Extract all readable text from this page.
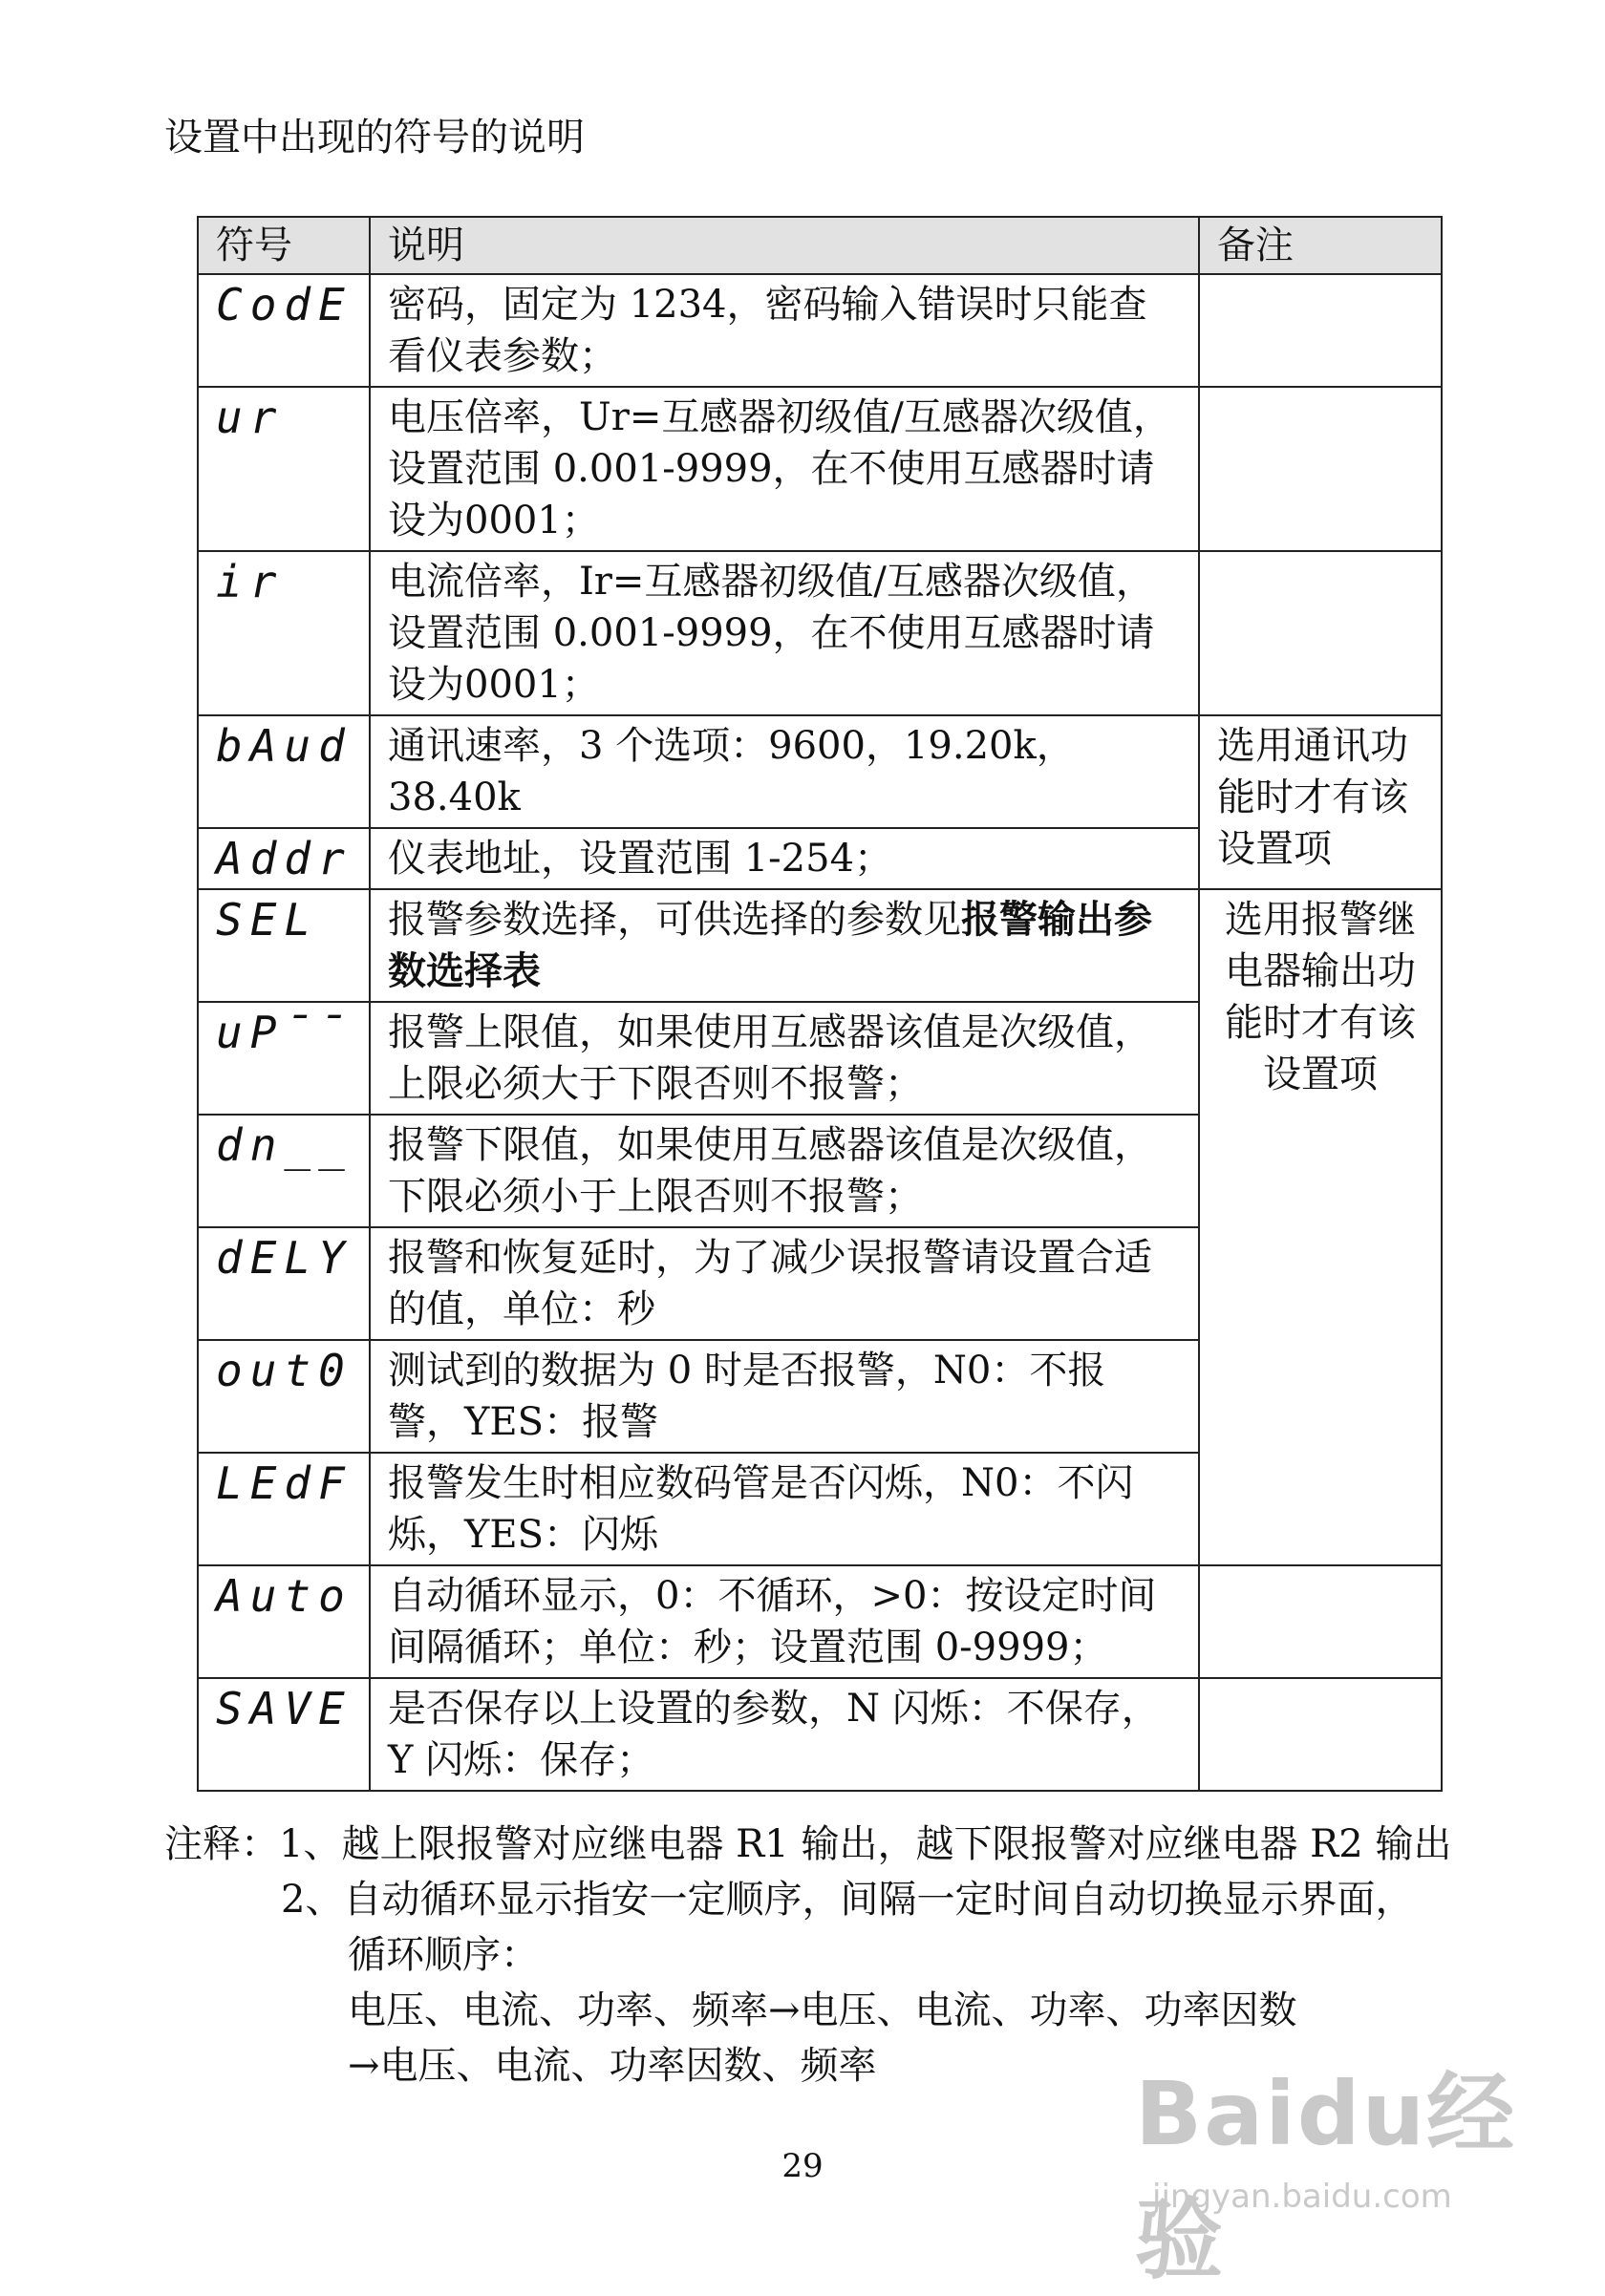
设置中出现的符号的说明
符号	说明	备注
CodE	密码，固定为 1234，密码输入错误时只能查看仪表参数；	
ur	电压倍率，Ur=互感器初级值/互感器次级值，设置范围 0.001-9999，在不使用互感器时请设为0001；	
ir	电流倍率，Ir=互感器初级值/互感器次级值，设置范围 0.001-9999，在不使用互感器时请设为0001；	
bAud	通讯速率，3 个选项：9600，19.20k，38.40k	选用通讯功能时才有该设置项
Addr	仪表地址，设置范围 1-254；	
SEL	报警参数选择，可供选择的参数见报警输出参数选择表	选用报警继电器输出功能时才有该设置项
uP¯¯	报警上限值，如果使用互感器该值是次级值，上限必须大于下限否则不报警；	
dn__	报警下限值，如果使用互感器该值是次级值，下限必须小于上限否则不报警；	
dELY	报警和恢复延时，为了减少误报警请设置合适的值，单位：秒	
out0	测试到的数据为 0 时是否报警，N0：不报警，YES：报警	
LEdF	报警发生时相应数码管是否闪烁，N0：不闪烁，YES：闪烁	
Auto	自动循环显示，0：不循环，>0：按设定时间间隔循环；单位：秒；设置范围 0-9999；	
SAVE	是否保存以上设置的参数，N 闪烁：不保存，Y 闪烁：保存；	
注释：1、越上限报警对应继电器 R1 输出，越下限报警对应继电器 R2 输出
2、自动循环显示指安一定顺序，间隔一定时间自动切换显示界面，
循环顺序：
电压、电流、功率、频率→电压、电流、功率、功率因数
→电压、电流、功率因数、频率
29
Baidu经验
jingyan.baidu.com
